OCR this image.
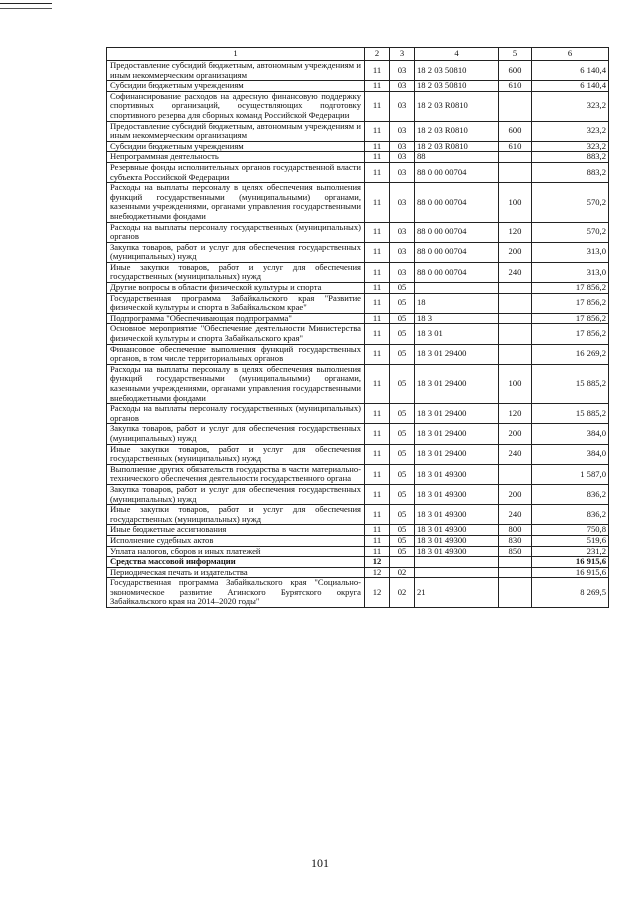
1	2	3	4	5	6
Предоставление субсидий бюджетным, автономным учреждениям и иным некоммерческим организациям	11	03	18 2 03 50810	600	6 140,4
Субсидии бюджетным учреждениям	11	03	18 2 03 50810	610	6 140,4
Софинансирование расходов на адресную финансовую поддержку спортивных организаций, осуществляющих подготовку спортивного резерва для сборных команд Российской Федерации	11	03	18 2 03 R0810		323,2
Предоставление субсидий бюджетным, автономным учреждениям и иным некоммерческим организациям	11	03	18 2 03 R0810	600	323,2
Субсидии бюджетным учреждениям	11	03	18 2 03 R0810	610	323,2
Непрограммная деятельность	11	03	88		883,2
Резервные фонды исполнительных органов государственной власти субъекта Российской Федерации	11	03	88 0 00 00704		883,2
Расходы на выплаты персоналу в целях обеспечения выполнения функций государственными (муниципальными) органами, казенными учреждениями, органами управления государственными внебюджетными фондами	11	03	88 0 00 00704	100	570,2
Расходы на выплаты персоналу государственных (муниципальных) органов	11	03	88 0 00 00704	120	570,2
Закупка товаров, работ и услуг для обеспечения государственных (муниципальных) нужд	11	03	88 0 00 00704	200	313,0
Иные закупки товаров, работ и услуг для обеспечения государственных (муниципальных) нужд	11	03	88 0 00 00704	240	313,0
Другие вопросы в области физической культуры и спорта	11	05			17 856,2
Государственная программа Забайкальского края "Развитие физической культуры и спорта в Забайкальском крае"	11	05	18		17 856,2
Подпрограмма "Обеспечивающая подпрограмма"	11	05	18 3		17 856,2
Основное мероприятие "Обеспечение деятельности Министерства физической культуры и спорта Забайкальского края"	11	05	18 3 01		17 856,2
Финансовое обеспечение выполнения функций государственных органов, в том числе территориальных органов	11	05	18 3 01 29400		16 269,2
Расходы на выплаты персоналу в целях обеспечения выполнения функций государственными (муниципальными) органами, казенными учреждениями, органами управления государственными внебюджетными фондами	11	05	18 3 01 29400	100	15 885,2
Расходы на выплаты персоналу государственных (муниципальных) органов	11	05	18 3 01 29400	120	15 885,2
Закупка товаров, работ и услуг для обеспечения государственных (муниципальных) нужд	11	05	18 3 01 29400	200	384,0
Иные закупки товаров, работ и услуг для обеспечения государственных (муниципальных) нужд	11	05	18 3 01 29400	240	384,0
Выполнение других обязательств государства в части материально-технического обеспечения деятельности государственного органа	11	05	18 3 01 49300		1 587,0
Закупка товаров, работ и услуг для обеспечения государственных (муниципальных) нужд	11	05	18 3 01 49300	200	836,2
Иные закупки товаров, работ и услуг для обеспечения государственных (муниципальных) нужд	11	05	18 3 01 49300	240	836,2
Иные бюджетные ассигнования	11	05	18 3 01 49300	800	750,8
Исполнение судебных актов	11	05	18 3 01 49300	830	519,6
Уплата налогов, сборов и иных платежей	11	05	18 3 01 49300	850	231,2
Средства массовой информации	12				16 915,6
Периодическая печать и издательства	12	02			16 915,6
Государственная программа Забайкальского края "Социально-экономическое развитие Агинского Бурятского округа Забайкальского края на 2014–2020 годы"	12	02	21		8 269,5
101
